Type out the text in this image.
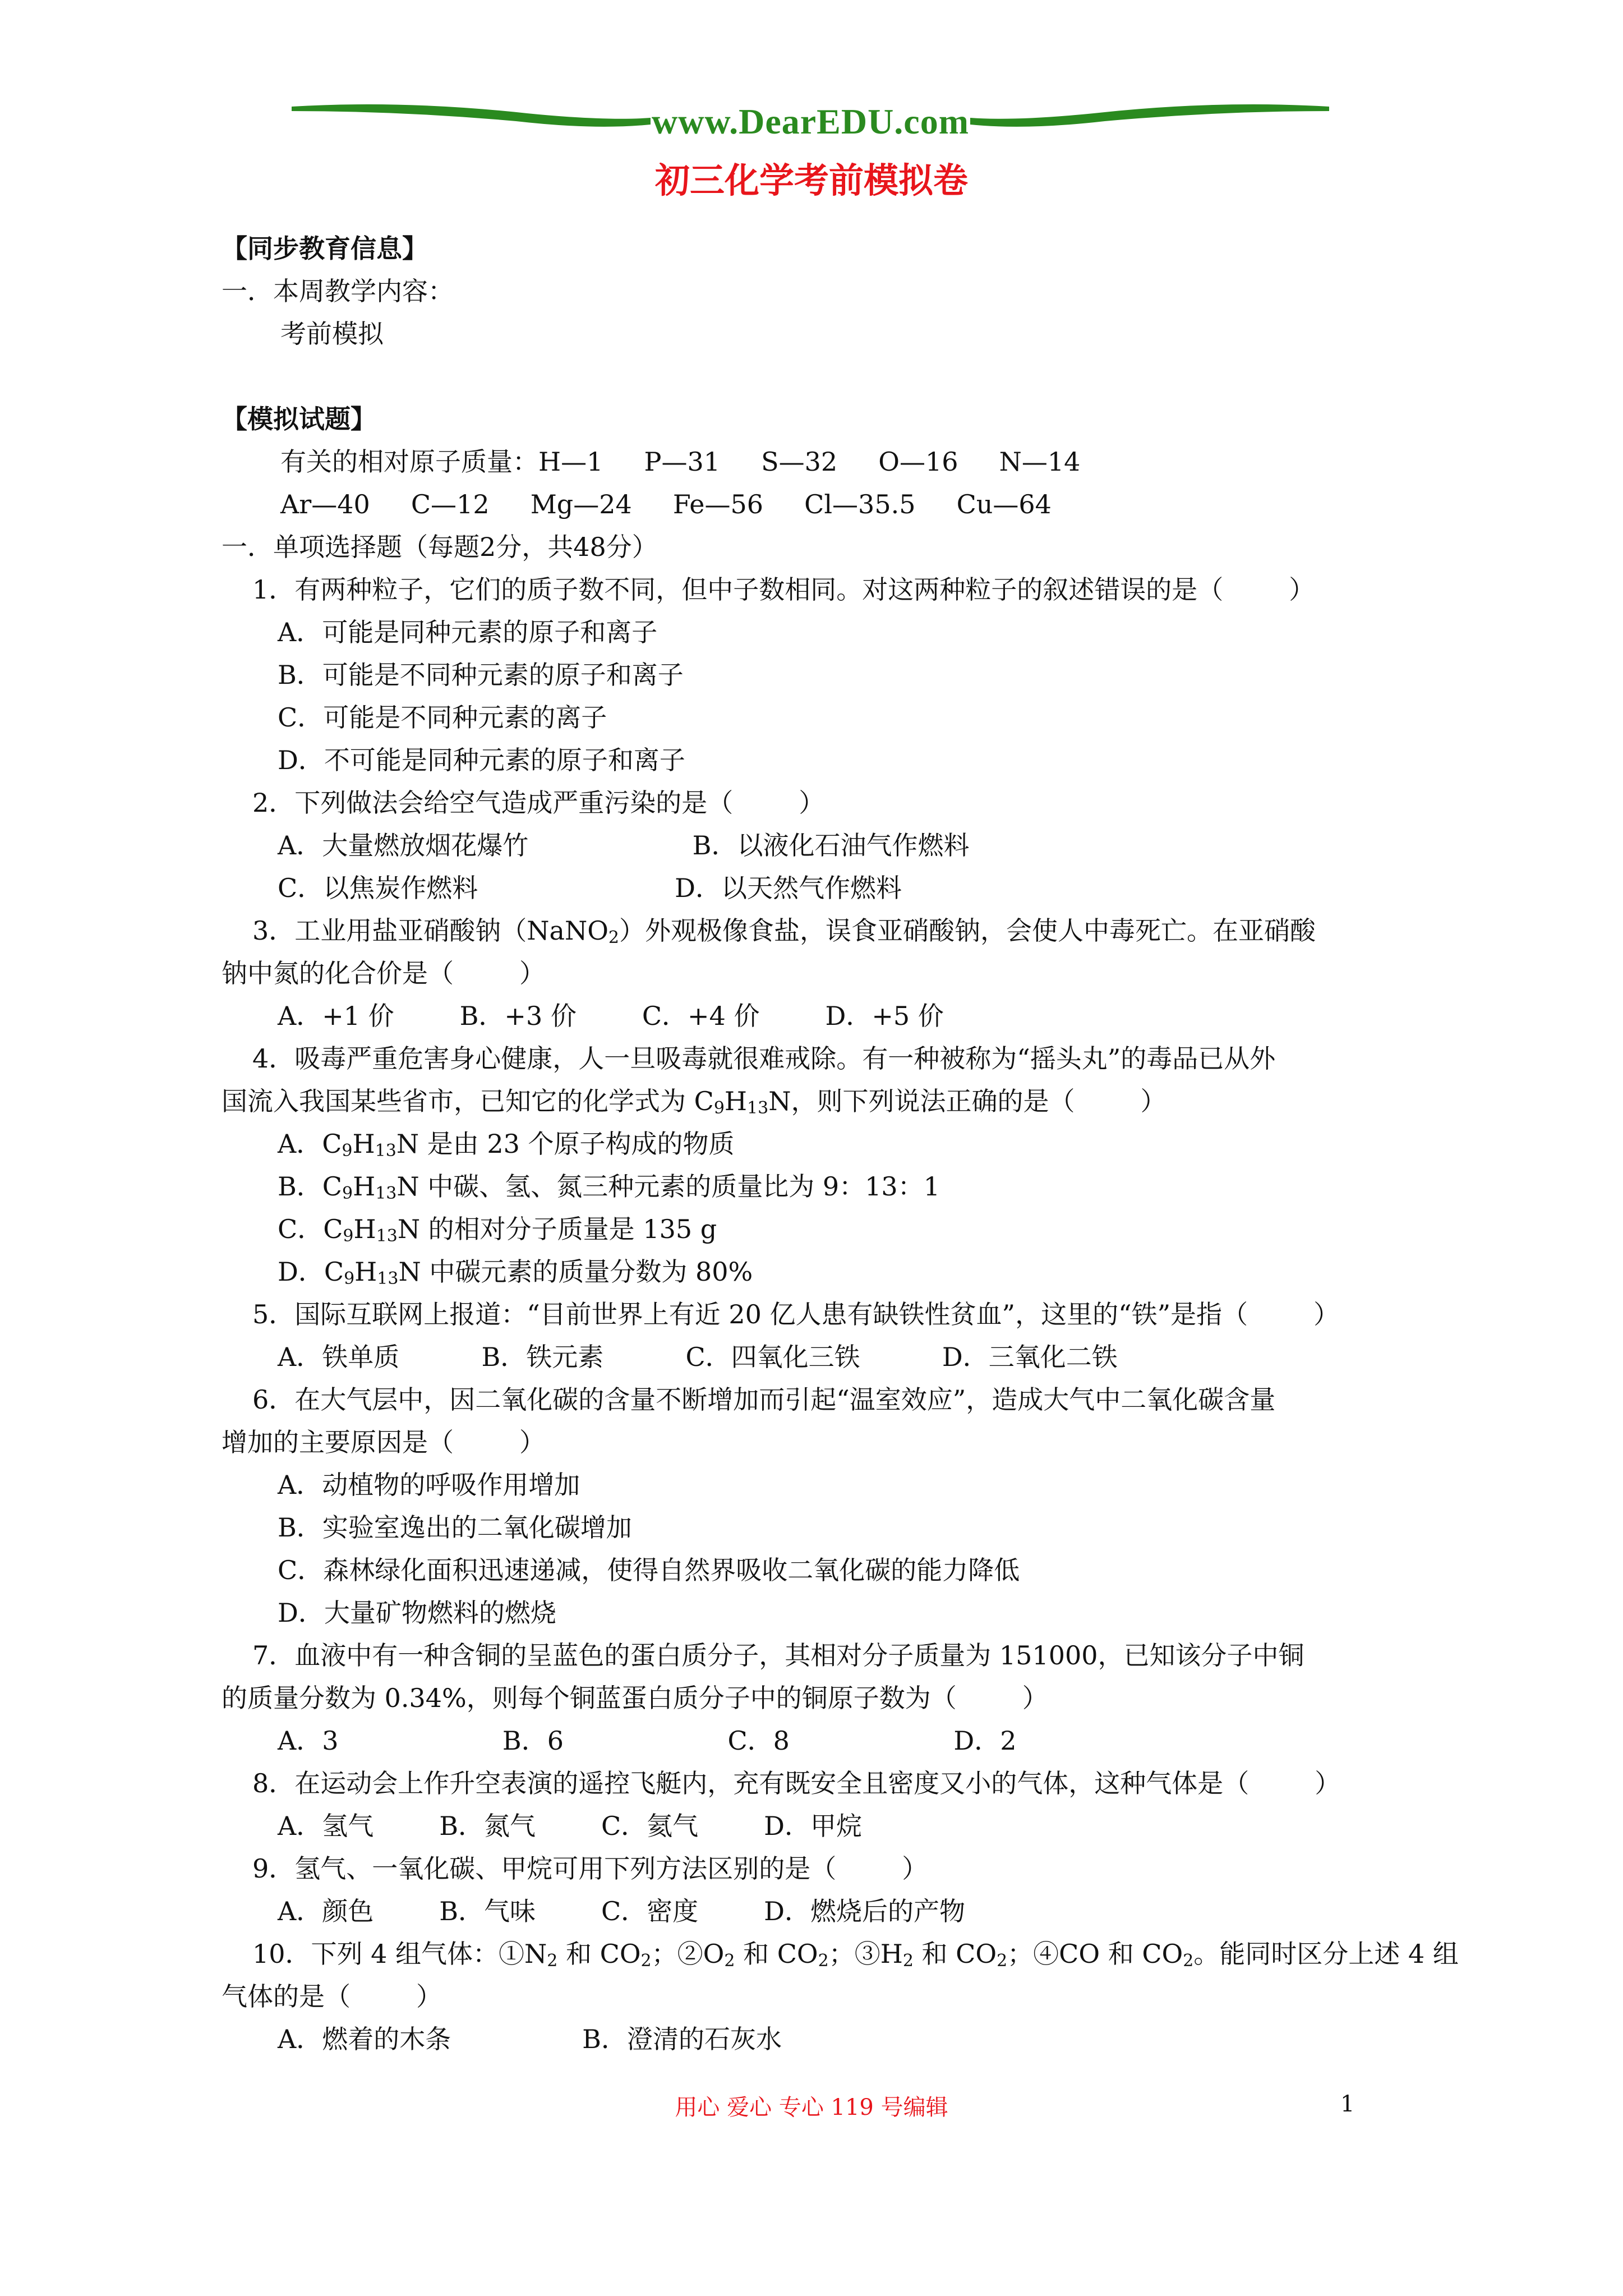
www.DearEDU.com
初三化学考前模拟卷
【同步教育信息】
一．本周教学内容：
考前模拟
【模拟试题】
有关的相对原子质量：H—1     P—31     S—32     O—16     N—14
Ar—40     C—12     Mg—24     Fe—56     Cl—35.5     Cu—64
一．单项选择题（每题2分，共48分）
1．有两种粒子，它们的质子数不同，但中子数相同。对这两种粒子的叙述错误的是（        ）
A．可能是同种元素的原子和离子
B．可能是不同种元素的原子和离子
C．可能是不同种元素的离子
D．不可能是同种元素的原子和离子
2．下列做法会给空气造成严重污染的是（        ）
A．大量燃放烟花爆竹                    B．以液化石油气作燃料
C．以焦炭作燃料                        D．以天然气作燃料
3．工业用盐亚硝酸钠（NaNO$_2$）外观极像食盐，误食亚硝酸钠，会使人中毒死亡。在亚硝酸
钠中氮的化合价是（        ）
A．+1 价        B．+3 价        C．+4 价        D．+5 价
4．吸毒严重危害身心健康，人一旦吸毒就很难戒除。有一种被称为“摇头丸”的毒品已从外
国流入我国某些省市，已知它的化学式为 $C_9H_{13}N$，则下列说法正确的是（        ）
A．$C_9H_{13}N$ 是由 23 个原子构成的物质
B．$C_9H_{13}N$ 中碳、氢、氮三种元素的质量比为 9：13：1
C．$C_9H_{13}N$ 的相对分子质量是 135 g
D．$C_9H_{13}N$ 中碳元素的质量分数为 80%
5．国际互联网上报道：“目前世界上有近 20 亿人患有缺铁性贫血”，这里的“铁”是指（        ）
A．铁单质          B．铁元素          C．四氧化三铁          D．三氧化二铁
6．在大气层中，因二氧化碳的含量不断增加而引起“温室效应”，造成大气中二氧化碳含量
增加的主要原因是（        ）
A．动植物的呼吸作用增加
B．实验室逸出的二氧化碳增加
C．森林绿化面积迅速递减，使得自然界吸收二氧化碳的能力降低
D．大量矿物燃料的燃烧
7．血液中有一种含铜的呈蓝色的蛋白质分子，其相对分子质量为 151000，已知该分子中铜
的质量分数为 0.34%，则每个铜蓝蛋白质分子中的铜原子数为（        ）
A．3                    B．6                    C．8                    D．2
8．在运动会上作升空表演的遥控飞艇内，充有既安全且密度又小的气体，这种气体是（        ）
A．氢气        B．氮气        C．氦气        D．甲烷
9．氢气、一氧化碳、甲烷可用下列方法区别的是（        ）
A．颜色        B．气味        C．密度        D．燃烧后的产物
10．下列 4 组气体：$①N_2$ 和 $CO_2$；$②O_2$ 和 $CO_2$；$③H_2$ 和 $CO_2$；④CO 和 $CO_2$。能同时区分上述 4 组
气体的是（        ）
A．燃着的木条                B．澄清的石灰水
用心 爱心 专心 119 号编辑	1
